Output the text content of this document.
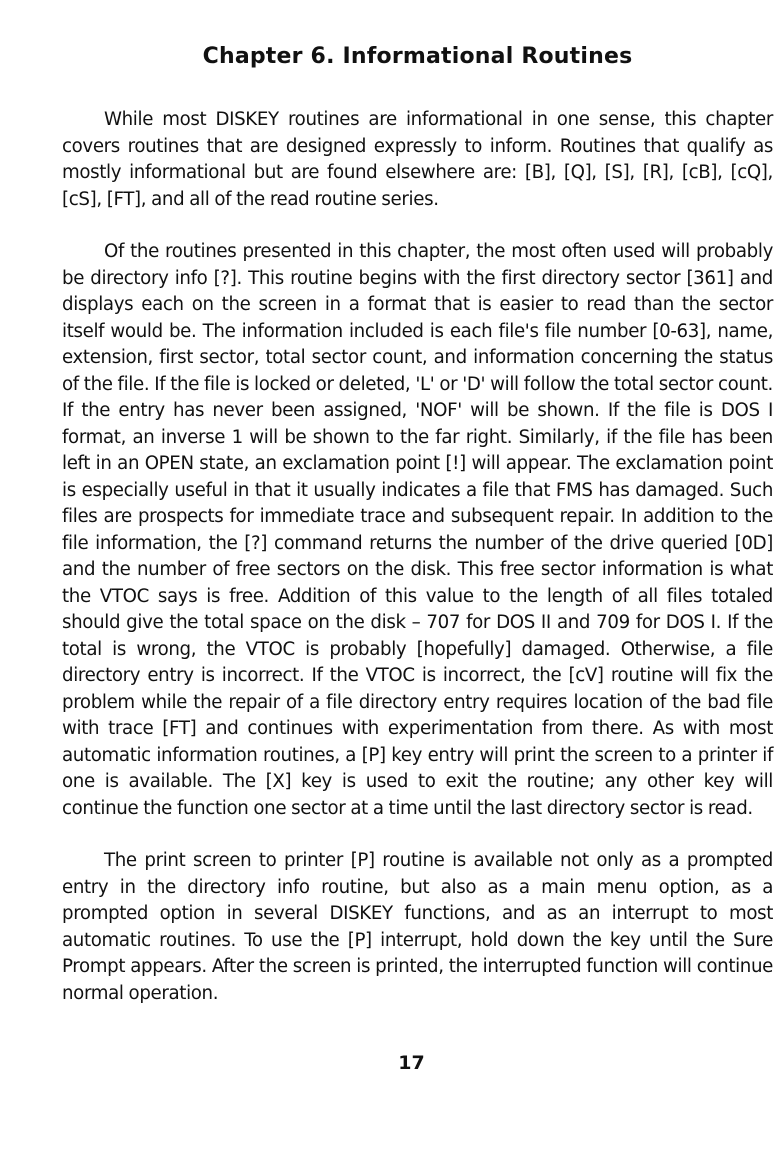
Chapter 6. Informational Routines

While most DISKEY routines are informational in one sense, this chapter covers routines that are designed expressly to inform. Routines that qualify as mostly informational but are found elsewhere are: [B], [Q], [S], [R], [cB], [cQ], [cS], [FT], and all of the read routine series.

Of the routines presented in this chapter, the most often used will probably be directory info [?]. This routine begins with the first directory sector [361] and displays each on the screen in a format that is easier to read than the sector itself would be. The information included is each file's file number [0-63], name, extension, first sector, total sector count, and information concerning the status of the file. If the file is locked or deleted, 'L' or 'D' will follow the total sector count. If the entry has never been assigned, 'NOF' will be shown. If the file is DOS I format, an inverse 1 will be shown to the far right. Similarly, if the file has been left in an OPEN state, an exclamation point [!] will appear. The exclamation point is especially useful in that it usually indicates a file that FMS has damaged. Such files are prospects for immediate trace and subsequent repair. In addition to the file information, the [?] command returns the number of the drive queried [0D] and the number of free sectors on the disk. This free sector information is what the VTOC says is free. Addition of this value to the length of all files totaled should give the total space on the disk – 707 for DOS II and 709 for DOS I. If the total is wrong, the VTOC is probably [hopefully] damaged. Otherwise, a file directory entry is incorrect. If the VTOC is incorrect, the [cV] routine will fix the problem while the repair of a file directory entry requires location of the bad file with trace [FT] and continues with experimentation from there. As with most automatic information routines, a [P] key entry will print the screen to a printer if one is available. The [X] key is used to exit the routine; any other key will continue the function one sector at a time until the last directory sector is read.

The print screen to printer [P] routine is available not only as a prompted entry in the directory info routine, but also as a main menu option, as a prompted option in several DISKEY functions, and as an interrupt to most automatic routines. To use the [P] interrupt, hold down the key until the Sure Prompt appears. After the screen is printed, the interrupted function will continue normal operation.

17
